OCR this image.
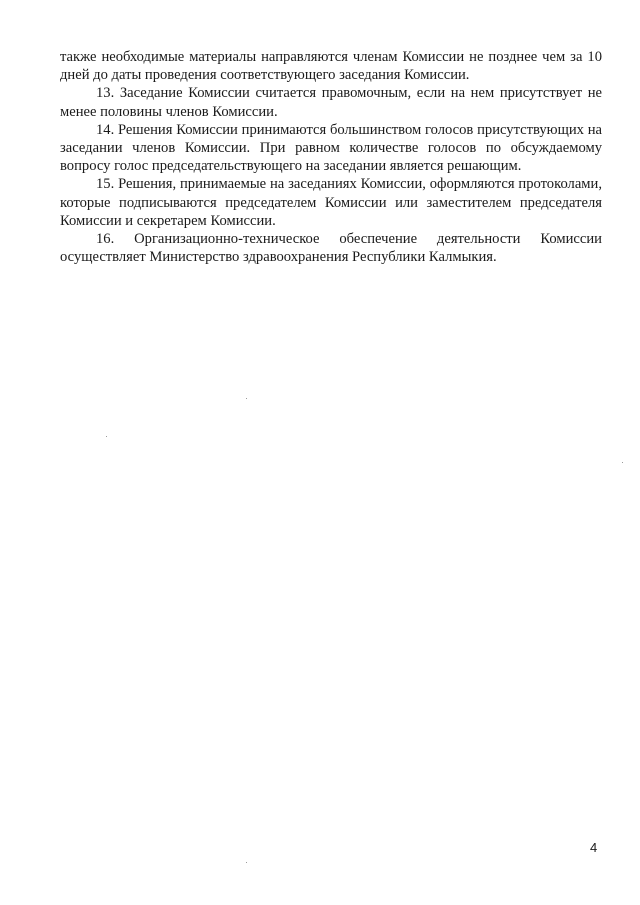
также необходимые материалы направляются членам Комиссии не позднее чем за 10 дней до даты проведения соответствующего заседания Комиссии.

13. Заседание Комиссии считается правомочным, если на нем присутствует не менее половины членов Комиссии.

14. Решения Комиссии принимаются большинством голосов присутствующих на заседании членов Комиссии. При равном количестве голосов по обсуждаемому вопросу голос председательствующего на заседании является решающим.

15. Решения, принимаемые на заседаниях Комиссии, оформляются протоколами, которые подписываются председателем Комиссии или заместителем председателя Комиссии и секретарем Комиссии.

16. Организационно-техническое обеспечение деятельности Комиссии осуществляет Министерство здравоохранения Республики Калмыкия.

4
